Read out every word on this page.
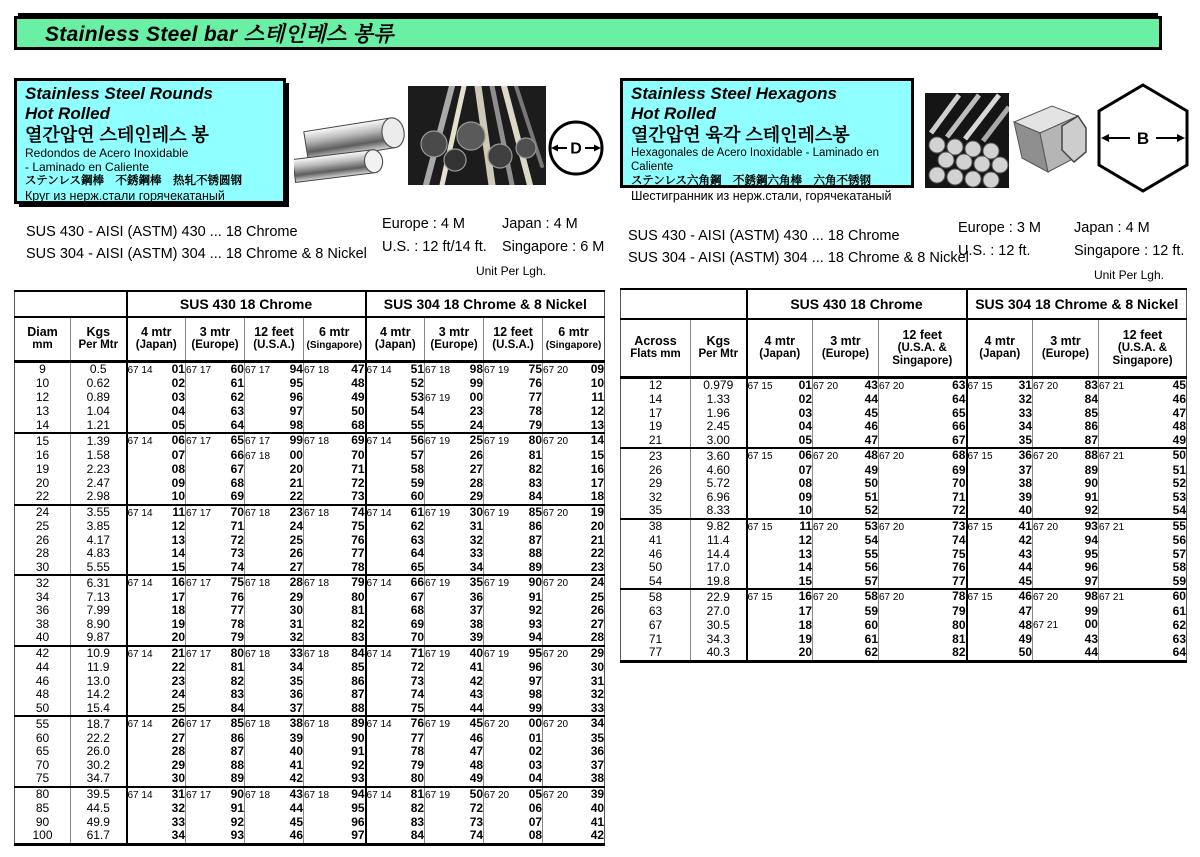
Stainless Steel bar 스테인레스 봉류
Stainless Steel Rounds
Hot Rolled
열간압연 스테인레스 봉
Redondos de Acero Inoxidable
- Laminado en Caliente
ステンレス鋼棒　不銹鋼棒　热轧不锈圆钢
Круг из нерж.стали горячекатаный
D
SUS 430 - AISI (ASTM) 430 ... 18 Chrome
SUS 304 - AISI (ASTM) 304 ... 18 Chrome & 8 Nickel
Europe : 4 M	Japan : 4 M
U.S. : 12 ft/14 ft.	Singapore : 6 M
Unit Per Lgh.
		SUS 430 18 Chrome				SUS 304 18 Chrome & 8 Nickel			

Diam
mm

Kgs
Per Mtr

4 mtr
(Japan)

3 mtr
(Europe)

12 feet
(U.S.A.)

6 mtr
(Singapore)

4 mtr
(Japan)

3 mtr
(Europe)

12 feet
(U.S.A.)

6 mtr
(Singapore)

9	0.5	67 14 01	67 17 60	67 17 94	67 18 47	67 14 51	67 18 98	67 19 75	67 20 09

10	0.62	02	61	95	48	52	99	76	10

12	0.89	03	62	96	49	53	67 19 00	77	11

13	1.04	04	63	97	50	54	23	78	12

14	1.21	05	64	98	68	55	24	79	13

15	1.39	67 14 06	67 17 65	67 17 99	67 18 69	67 14 56	67 19 25	67 19 80	67 20 14

16	1.58	07	66	67 18 00	70	57	26	81	15

19	2.23	08	67	20	71	58	27	82	16

20	2.47	09	68	21	72	59	28	83	17

22	2.98	10	69	22	73	60	29	84	18

24	3.55	67 14 11	67 17 70	67 18 23	67 18 74	67 14 61	67 19 30	67 19 85	67 20 19

25	3.85	12	71	24	75	62	31	86	20

26	4.17	13	72	25	76	63	32	87	21

28	4.83	14	73	26	77	64	33	88	22

30	5.55	15	74	27	78	65	34	89	23

32	6.31	67 14 16	67 17 75	67 18 28	67 18 79	67 14 66	67 19 35	67 19 90	67 20 24

34	7.13	17	76	29	80	67	36	91	25

36	7.99	18	77	30	81	68	37	92	26

38	8.90	19	78	31	82	69	38	93	27

40	9.87	20	79	32	83	70	39	94	28

42	10.9	67 14 21	67 17 80	67 18 33	67 18 84	67 14 71	67 19 40	67 19 95	67 20 29

44	11.9	22	81	34	85	72	41	96	30

46	13.0	23	82	35	86	73	42	97	31

48	14.2	24	83	36	87	74	43	98	32

50	15.4	25	84	37	88	75	44	99	33

55	18.7	67 14 26	67 17 85	67 18 38	67 18 89	67 14 76	67 19 45	67 20 00	67 20 34

60	22.2	27	86	39	90	77	46	01	35

65	26.0	28	87	40	91	78	47	02	36

70	30.2	29	88	41	92	79	48	03	37

75	34.7	30	89	42	93	80	49	04	38

80	39.5	67 14 31	67 17 90	67 18 43	67 18 94	67 14 81	67 19 50	67 20 05	67 20 39

85	44.5	32	91	44	95	82	72	06	40

90	49.9	33	92	45	96	83	73	07	41

100	61.7	34	93	46	97	84	74	08	42
Stainless Steel Hexagons
Hot Rolled
열간압연 육각 스테인레스봉
Hexagonales de Acero Inoxidable - Laminado en Caliente
ステンレス六角鋼　不銹鋼六角棒　六角不锈钢
Шестигранник из нерж.стали, горячекатаный
B
SUS 430 - AISI (ASTM) 430 ... 18 Chrome
SUS 304 - AISI (ASTM) 304 ... 18 Chrome & 8 Nickel
Europe : 3 M	Japan : 4 M
U.S. : 12 ft.	Singapore : 12 ft.
Unit Per Lgh.
		SUS 430 18 Chrome			SUS 304 18 Chrome & 8 Nickel		

Across
Flats mm

Kgs
Per Mtr

4 mtr
(Japan)

3 mtr
(Europe)

12 feet
(U.S.A. &
Singapore)

4 mtr
(Japan)

3 mtr
(Europe)

12 feet
(U.S.A. &
Singapore)

12	0.979	67 15 01	67 20 43	67 20 63	67 15 31	67 20 83	67 21 45

14	1.33	02	44	64	32	84	46

17	1.96	03	45	65	33	85	47

19	2.45	04	46	66	34	86	48

21	3.00	05	47	67	35	87	49

23	3.60	67 15 06	67 20 48	67 20 68	67 15 36	67 20 88	67 21 50

26	4.60	07	49	69	37	89	51

29	5.72	08	50	70	38	90	52

32	6.96	09	51	71	39	91	53

35	8.33	10	52	72	40	92	54

38	9.82	67 15 11	67 20 53	67 20 73	67 15 41	67 20 93	67 21 55

41	11.4	12	54	74	42	94	56

46	14.4	13	55	75	43	95	57

50	17.0	14	56	76	44	96	58

54	19.8	15	57	77	45	97	59

58	22.9	67 15 16	67 20 58	67 20 78	67 15 46	67 20 98	67 21 60

63	27.0	17	59	79	47	99	61

67	30.5	18	60	80	48	67 21 00	62

71	34.3	19	61	81	49	43	63

77	40.3	20	62	82	50	44	64
